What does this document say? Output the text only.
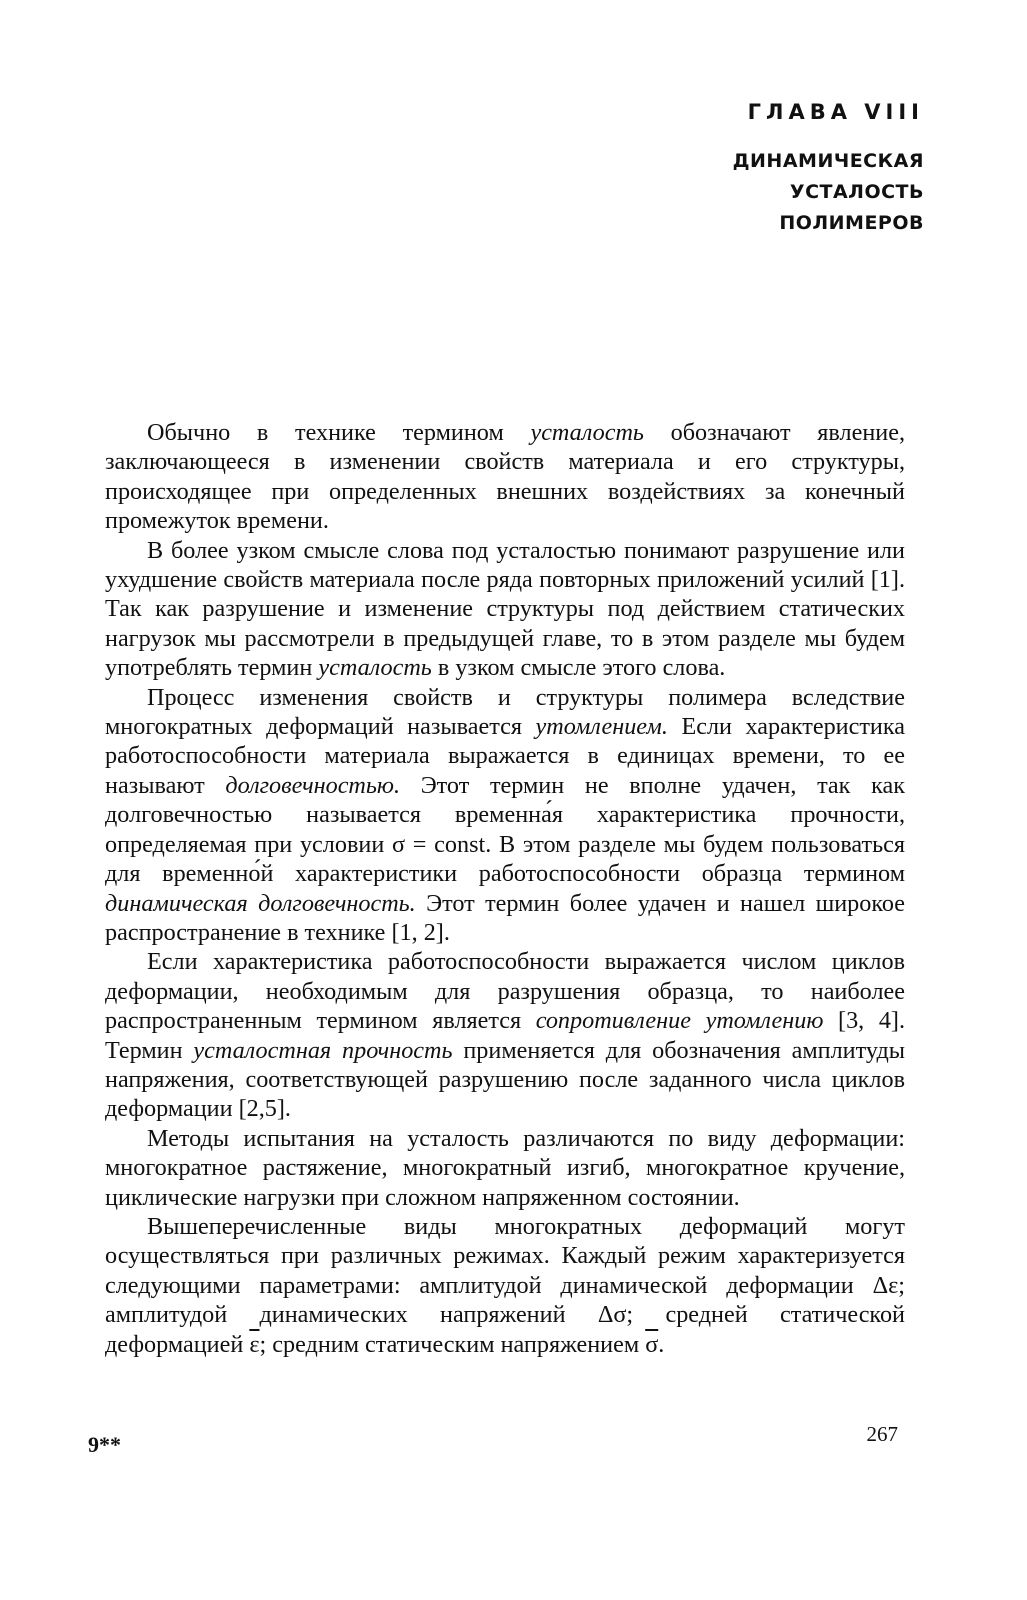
ГЛАВА VIII
ДИНАМИЧЕСКАЯ
УСТАЛОСТЬ
ПОЛИМЕРОВ

Обычно в технике термином усталость обозначают явление, заключающееся в изменении свойств материала и его структуры, происходящее при определенных внешних воздействиях за конечный промежуток времени.

В более узком смысле слова под усталостью понимают разрушение или ухудшение свойств материала после ряда повторных приложений усилий [1]. Так как разрушение и изменение структуры под действием статических нагрузок мы рассмотрели в предыдущей главе, то в этом разделе мы будем употреблять термин усталость в узком смысле этого слова.

Процесс изменения свойств и структуры полимера вследствие многократных деформаций называется утомлением. Если характеристика работоспособности материала выражается в единицах времени, то ее называют долговечностью. Этот термин не вполне удачен, так как долговечностью называется временна́я характеристика прочности, определяемая при условии σ = const. В этом разделе мы будем пользоваться для временно́й характеристики работоспособности образца термином динамическая долговечность. Этот термин более удачен и нашел широкое распространение в технике [1, 2].

Если характеристика работоспособности выражается числом циклов деформации, необходимым для разрушения образца, то наиболее распространенным термином является сопротивление утомлению [3, 4]. Термин усталостная прочность применяется для обозначения амплитуды напряжения, соответствующей разрушению после заданного числа циклов деформации [2,5].

Методы испытания на усталость различаются по виду деформации: многократное растяжение, многократный изгиб, многократное кручение, циклические нагрузки при сложном напряженном состоянии.

Вышеперечисленные виды многократных деформаций могут осуществляться при различных режимах. Каждый режим характеризуется следующими параметрами: амплитудой динамической деформации Δε; амплитудой динамических напряжений Δσ; средней статической деформацией $\overline{\varepsilon}$; средним статическим напряжением $\overline{\sigma}$.

9**	267
